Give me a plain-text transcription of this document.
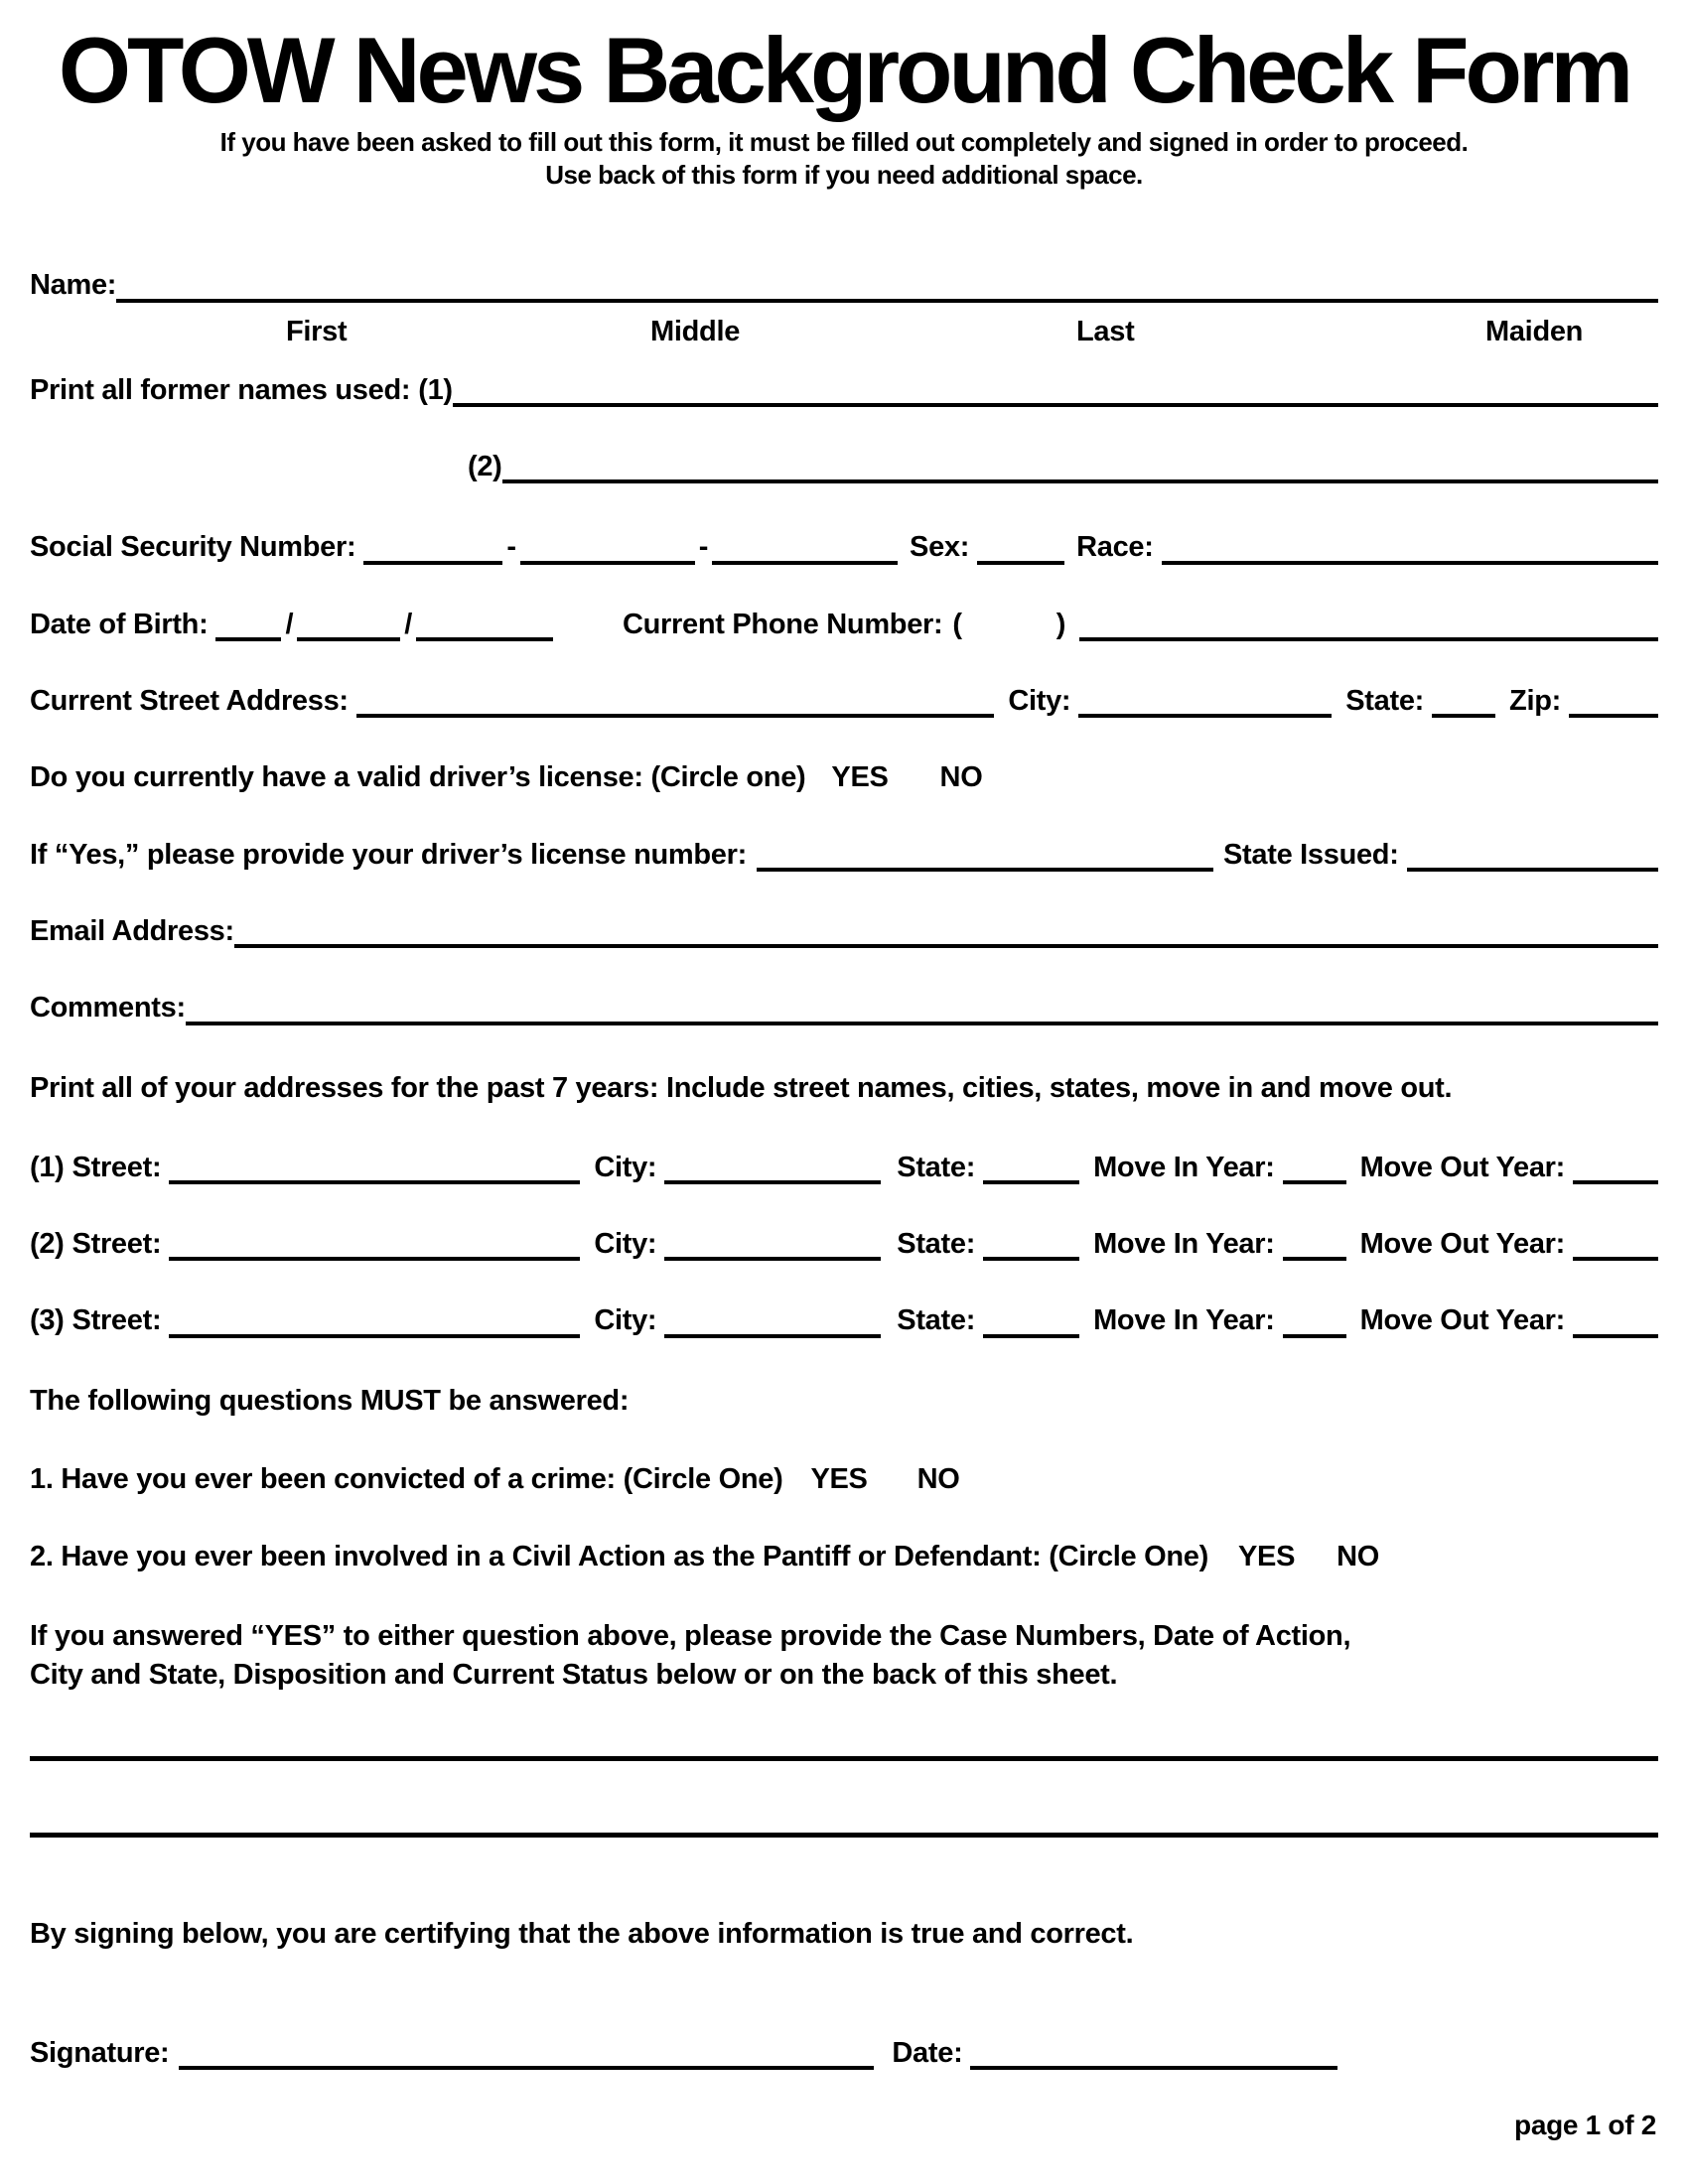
OTOW News Background Check Form
If you have been asked to fill out this form, it must be filled out completely and signed in order to proceed.
Use back of this form if you need additional space.
Name:
First	Middle	Last	Maiden
Print all former names used: (1)
(2)
Social Security Number:	-	-	Sex:	Race:
Date of Birth:	/	/	Current Phone Number: (	)
Current Street Address:	City:	State:	Zip:
Do you currently have a valid driver’s license: (Circle one) YES NO
If “Yes,” please provide your driver’s license number:	State Issued:
Email Address:
Comments:
Print all of your addresses for the past 7 years: Include street names, cities, states, move in and move out.
(1) Street:	City:	State:	Move In Year:	Move Out Year:
(2) Street:	City:	State:	Move In Year:	Move Out Year:
(3) Street:	City:	State:	Move In Year:	Move Out Year:
The following questions MUST be answered:
1. Have you ever been convicted of a crime: (Circle One) YES NO
2. Have you ever been involved in a Civil Action as the Pantiff or Defendant: (Circle One) YES NO
If you answered “YES” to either question above, please provide the Case Numbers, Date of Action,
City and State, Disposition and Current Status below or on the back of this sheet.
By signing below, you are certifying that the above information is true and correct.
Signature:	Date:
page 1 of 2
